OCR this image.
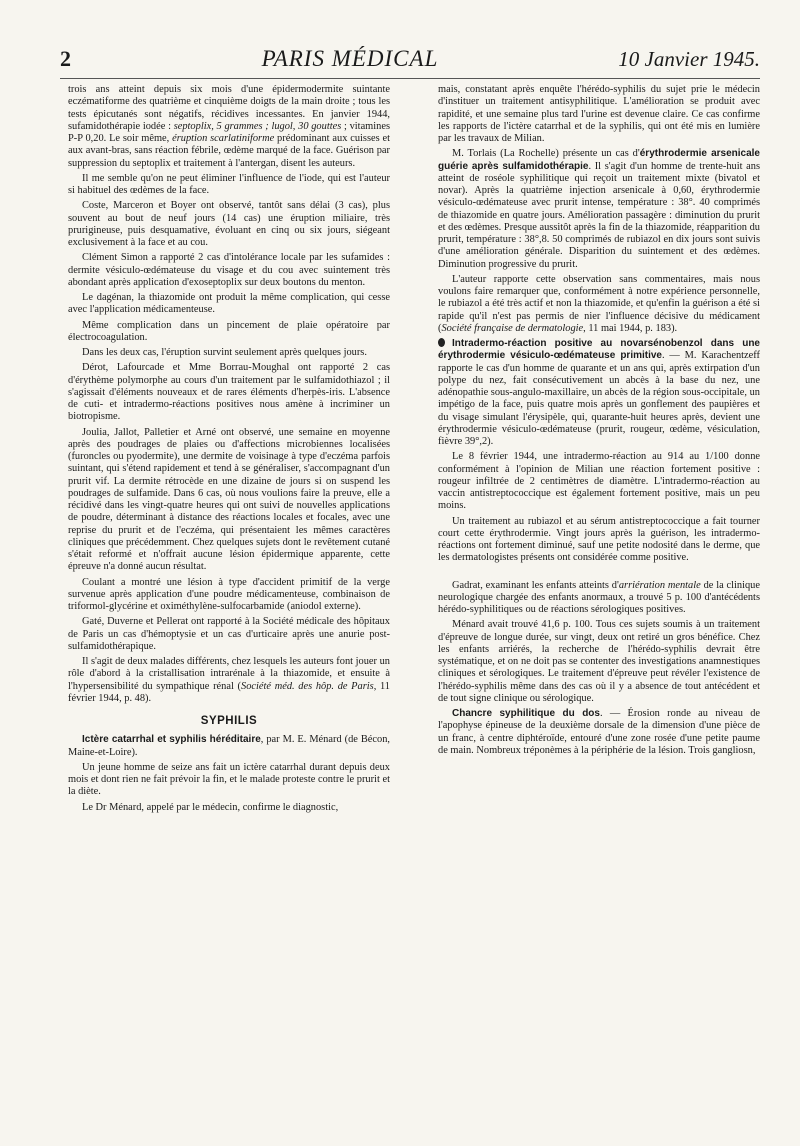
2	PARIS MÉDICAL	10 Janvier 1945.

trois ans atteint depuis six mois d'une épidermodermite suintante eczématiforme des quatrième et cinquième doigts de la main droite ; tous les tests épicutanés sont négatifs, récidives incessantes. En janvier 1944, sufamidothérapie iodée : septoplix, 5 grammes ; lugol, 30 gouttes ; vitamines P-P 0,20. Le soir même, éruption scarlatiniforme prédominant aux cuisses et aux avant-bras, sans réaction fébrile, œdème marqué de la face. Guérison par suppression du septoplix et traitement à l'antergan, disent les auteurs.

Il me semble qu'on ne peut éliminer l'influence de l'iode, qui est l'auteur si habituel des œdèmes de la face.

Coste, Marceron et Boyer ont observé, tantôt sans délai (3 cas), plus souvent au bout de neuf jours (14 cas) une éruption miliaire, très prurigineuse, puis desquamative, évoluant en cinq ou six jours, siégeant exclusivement à la face et au cou.

Clément Simon a rapporté 2 cas d'intolérance locale par les sufamides : dermite vésiculo-œdémateuse du visage et du cou avec suintement très abondant après application d'exoseptoplix sur deux boutons du menton.

Le dagénan, la thiazomide ont produit la même complication, qui cesse avec l'application médicamenteuse.

Même complication dans un pincement de plaie opératoire par électrocoagulation.

Dans les deux cas, l'éruption survint seulement après quelques jours.

Dérot, Lafourcade et Mme Borrau-Moughal ont rapporté 2 cas d'érythème polymorphe au cours d'un traitement par le sulfamidothiazol ; il s'agissait d'éléments nouveaux et de rares éléments d'herpès-iris. L'absence de cuti- et intradermo-réactions positives nous amène à incriminer un biotropisme.

Joulia, Jallot, Palletier et Arné ont observé, une semaine en moyenne après des poudrages de plaies ou d'affections microbiennes localisées (furoncles ou pyodermite), une dermite de voisinage à type d'eczéma parfois suintant, qui s'étend rapidement et tend à se généraliser, s'accompagnant d'un prurit vif. La dermite rétrocède en une dizaine de jours si on suspend les poudrages de sulfamide. Dans 6 cas, où nous voulions faire la preuve, elle a récidivé dans les vingt-quatre heures qui ont suivi de nouvelles applications de poudre, déterminant à distance des réactions locales et focales, avec une reprise du prurit et de l'eczéma, qui présentaient les mêmes caractères cliniques que précédemment. Chez quelques sujets dont le revêtement cutané s'était reformé et n'offrait aucune lésion épidermique apparente, cette épreuve n'a donné aucun résultat.

Coulant a montré une lésion à type d'accident primitif de la verge survenue après application d'une poudre médicamenteuse, combinaison de triformol-glycérine et oximéthylène-sulfocarbamide (aniodol externe).

Gaté, Duverne et Pellerat ont rapporté à la Société médicale des hôpitaux de Paris un cas d'hémoptysie et un cas d'urticaire après une anurie post-sulfamidothérapique.

Il s'agit de deux malades différents, chez lesquels les auteurs font jouer un rôle d'abord à la cristallisation intrarénale à la thiazomide, et ensuite à l'hypersensibilité du sympathique rénal (Société méd. des hôp. de Paris, 11 février 1944, p. 48).

SYPHILIS

Ictère catarrhal et syphilis héréditaire, par M. E. Ménard (de Bécon, Maine-et-Loire).

Un jeune homme de seize ans fait un ictère catarrhal durant depuis deux mois et dont rien ne fait prévoir la fin, et le malade proteste contre le prurit et la diète.

Le Dr Ménard, appelé par le médecin, confirme le diagnostic,

mais, constatant après enquête l'hérédo-syphilis du sujet prie le médecin d'instituer un traitement antisyphilitique. L'amélioration se produit avec rapidité, et une semaine plus tard l'urine est devenue claire. Ce cas confirme les rapports de l'ictère catarrhal et de la syphilis, qui ont été mis en lumière par les travaux de Milian.

M. Torlais (La Rochelle) présente un cas d'érythrodermie arsenicale guérie après sulfamidothérapie. Il s'agit d'un homme de trente-huit ans atteint de roséole syphilitique qui reçoit un traitement mixte (bivatol et novar). Après la quatrième injection arsenicale à 0,60, érythrodermie vésiculo-œdémateuse avec prurit intense, température : 38°. 40 comprimés de thiazomide en quatre jours. Amélioration passagère : diminution du prurit et des œdèmes. Presque aussitôt après la fin de la thiazomide, réapparition du prurit, température : 38°,8. 50 comprimés de rubiazol en dix jours sont suivis d'une amélioration générale. Disparition du suintement et des œdèmes. Diminution progressive du prurit.

L'auteur rapporte cette observation sans commentaires, mais nous voulons faire remarquer que, conformément à notre expérience personnelle, le rubiazol a été très actif et non la thiazomide, et qu'enfin la guérison a été si rapide qu'il n'est pas permis de nier l'influence décisive du médicament (Société française de dermatologie, 11 mai 1944, p. 183).

Intradermo-réaction positive au novarsénobenzol dans une érythrodermie vésiculo-œdémateuse primitive. — M. Karachentzeff rapporte le cas d'un homme de quarante et un ans qui, après extirpation d'un polype du nez, fait consécutivement un abcès à la base du nez, une adénopathie sous-angulo-maxillaire, un abcès de la région sous-occipitale, un impétigo de la face, puis quatre mois après un gonflement des paupières et du visage simulant l'érysipèle, qui, quarante-huit heures après, devient une érythrodermie vésiculo-œdémateuse (prurit, rougeur, œdème, vésiculation, fièvre 39°,2).

Le 8 février 1944, une intradermo-réaction au 914 au 1/100 donne conformément à l'opinion de Milian une réaction fortement positive : rougeur infiltrée de 2 centimètres de diamètre. L'intradermo-réaction au vaccin antistreptococcique est également fortement positive, mais un peu moins.

Un traitement au rubiazol et au sérum antistreptococcique a fait tourner court cette érythrodermie. Vingt jours après la guérison, les intradermo-réactions ont fortement diminué, sauf une petite nodosité dans le derme, que les dermatologistes présents ont considérée comme positive.

Gadrat, examinant les enfants atteints d'arriération mentale de la clinique neurologique chargée des enfants anormaux, a trouvé 5 p. 100 d'antécédents hérédo-syphilitiques ou de réactions sérologiques positives.

Ménard avait trouvé 41,6 p. 100. Tous ces sujets soumis à un traitement d'épreuve de longue durée, sur vingt, deux ont retiré un gros bénéfice. Chez les enfants arriérés, la recherche de l'hérédo-syphilis devrait être systématique, et on ne doit pas se contenter des investigations anamnestiques cliniques et sérologiques. Le traitement d'épreuve peut révéler l'existence de l'hérédo-syphilis même dans des cas où il y a absence de tout antécédent et de tout signe clinique ou sérologique.

Chancre syphilitique du dos. — Érosion ronde au niveau de l'apophyse épineuse de la deuxième dorsale de la dimension d'une pièce de un franc, à centre diphtéroïde, entouré d'une zone rosée d'une petite paume de main. Nombreux tréponèmes à la périphérie de la lésion. Trois gangliosn,
